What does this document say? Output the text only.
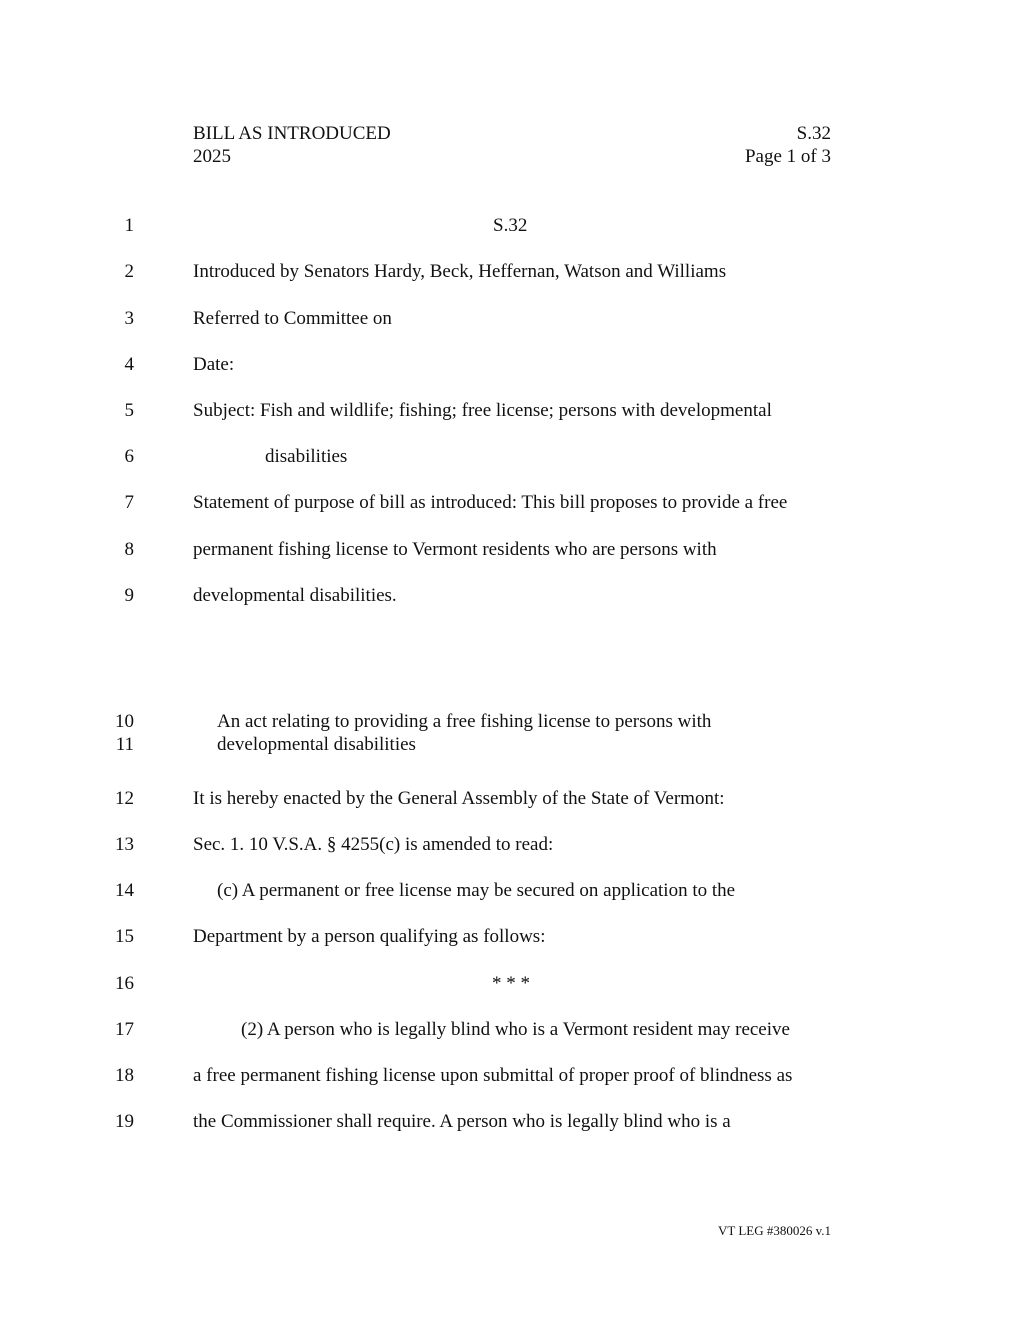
BILL AS INTRODUCED
2025
S.32
Page 1 of 3
1
2
3
4
5
6
7
8
9
10
11
12
13
14
15
16
17
18
19
S.32
Introduced by Senators Hardy, Beck, Heffernan, Watson and Williams
Referred to Committee on
Date:
Subject: Fish and wildlife; fishing; free license; persons with developmental
disabilities
Statement of purpose of bill as introduced: This bill proposes to provide a free
permanent fishing license to Vermont residents who are persons with
developmental disabilities.
An act relating to providing a free fishing license to persons with
developmental disabilities
It is hereby enacted by the General Assembly of the State of Vermont:
Sec. 1. 10 V.S.A. § 4255(c) is amended to read:
(c) A permanent or free license may be secured on application to the
Department by a person qualifying as follows:
* * *
(2) A person who is legally blind who is a Vermont resident may receive
a free permanent fishing license upon submittal of proper proof of blindness as
the Commissioner shall require. A person who is legally blind who is a
VT LEG #380026 v.1
